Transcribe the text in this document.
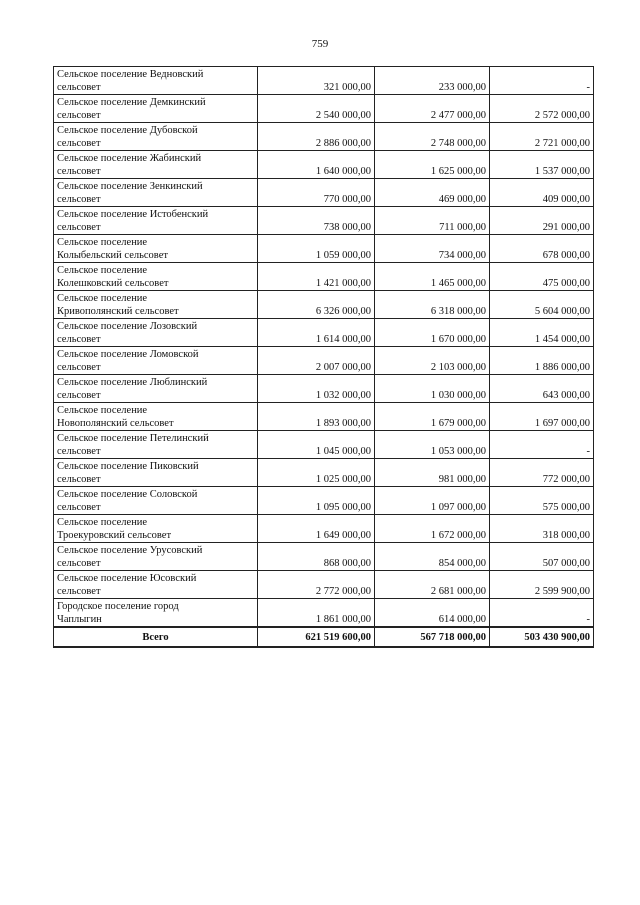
759
Сельское поселение Ведновский
сельсовет	321 000,00	233 000,00	-

Сельское поселение Демкинский
сельсовет	2 540 000,00	2 477 000,00	2 572 000,00

Сельское поселение Дубовской
сельсовет	2 886 000,00	2 748 000,00	2 721 000,00

Сельское поселение Жабинский
сельсовет	1 640 000,00	1 625 000,00	1 537 000,00

Сельское поселение Зенкинский
сельсовет	770 000,00	469 000,00	409 000,00

Сельское поселение Истобенский
сельсовет	738 000,00	711 000,00	291 000,00

Сельское поселение
Колыбельский сельсовет	1 059 000,00	734 000,00	678 000,00

Сельское поселение
Колешковский сельсовет	1 421 000,00	1 465 000,00	475 000,00

Сельское поселение
Кривополянский сельсовет	6 326 000,00	6 318 000,00	5 604 000,00

Сельское поселение Лозовский
сельсовет	1 614 000,00	1 670 000,00	1 454 000,00

Сельское поселение Ломовской
сельсовет	2 007 000,00	2 103 000,00	1 886 000,00

Сельское поселение Люблинский
сельсовет	1 032 000,00	1 030 000,00	643 000,00

Сельское поселение
Новополянский сельсовет	1 893 000,00	1 679 000,00	1 697 000,00

Сельское поселение Петелинский
сельсовет	1 045 000,00	1 053 000,00	-

Сельское поселение Пиковский
сельсовет	1 025 000,00	981 000,00	772 000,00

Сельское поселение Соловской
сельсовет	1 095 000,00	1 097 000,00	575 000,00

Сельское поселение
Троекуровский сельсовет	1 649 000,00	1 672 000,00	318 000,00

Сельское поселение Урусовский
сельсовет	868 000,00	854 000,00	507 000,00

Сельское поселение Юсовский
сельсовет	2 772 000,00	2 681 000,00	2 599 900,00

Городское поселение город
Чаплыгин	1 861 000,00	614 000,00	-
Всего	621 519 600,00	567 718 000,00	503 430 900,00
